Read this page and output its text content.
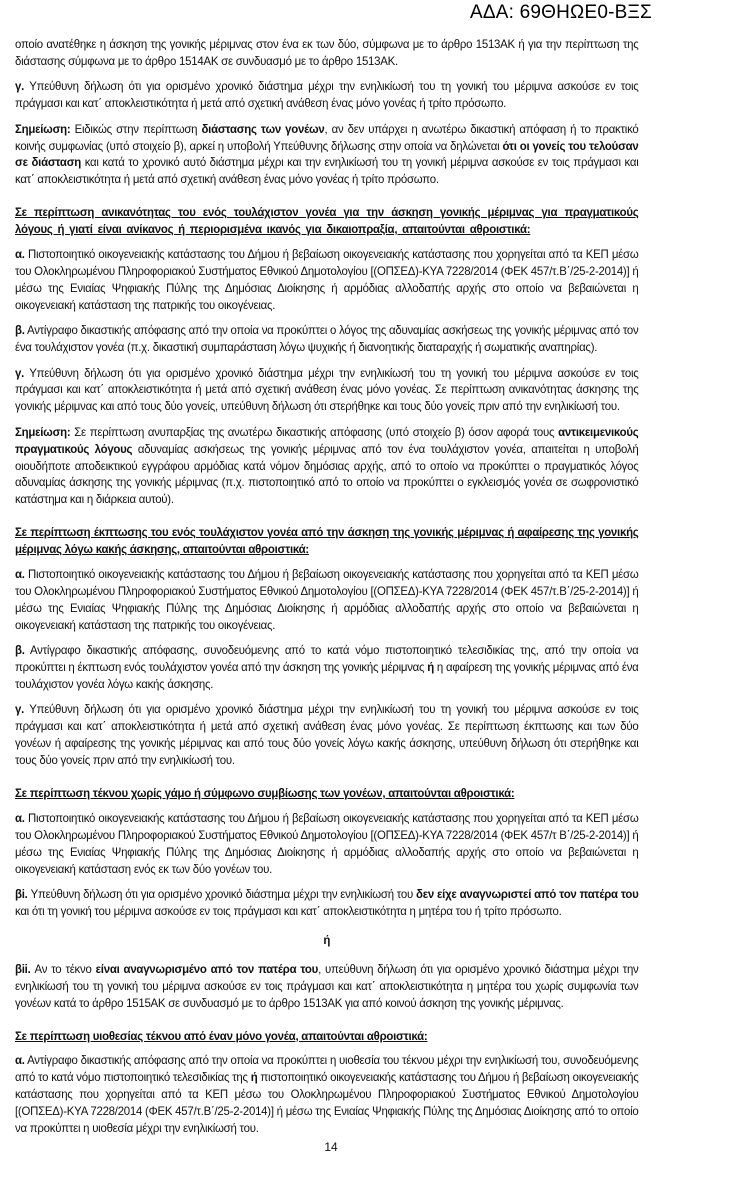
ΑΔΑ: 69ΘΗΩΕ0-ΒΞΣ

οποίο ανατέθηκε η άσκηση της γονικής μέριμνας στον ένα εκ των δύο, σύμφωνα με το άρθρο 1513ΑΚ ή για την περίπτωση της διάστασης σύμφωνα με το άρθρο 1514ΑΚ σε συνδυασμό με το άρθρο 1513ΑΚ.

γ. Υπεύθυνη δήλωση ότι για ορισμένο χρονικό διάστημα μέχρι την ενηλικίωσή του τη γονική του μέριμνα ασκούσε εν τοις πράγμασι και κατ΄ αποκλειστικότητα ή μετά από σχετική ανάθεση ένας μόνο γονέας ή τρίτο πρόσωπο.

Σημείωση: Ειδικώς στην περίπτωση διάστασης των γονέων, αν δεν υπάρχει η ανωτέρω δικαστική απόφαση ή το πρακτικό κοινής συμφωνίας (υπό στοιχείο β), αρκεί η υποβολή Υπεύθυνης δήλωσης στην οποία να δηλώνεται ότι οι γονείς του τελούσαν σε διάσταση και κατά το χρονικό αυτό διάστημα μέχρι και την ενηλικίωσή του τη γονική μέριμνα ασκούσε εν τοις πράγμασι και κατ΄ αποκλειστικότητα ή μετά από σχετική ανάθεση ένας μόνο γονέας ή τρίτο πρόσωπο.

Σε περίπτωση ανικανότητας του ενός τουλάχιστον γονέα για την άσκηση γονικής μέριμνας για πραγματικούς λόγους ή γιατί είναι ανίκανος ή περιορισμένα ικανός για δικαιοπραξία, απαιτούνται αθροιστικά:

α. Πιστοποιητικό οικογενειακής κατάστασης του Δήμου ή βεβαίωση οικογενειακής κατάστασης που χορηγείται από τα ΚΕΠ μέσω του Ολοκληρωμένου Πληροφοριακού Συστήματος Εθνικού Δημοτολογίου [(ΟΠΣΕΔ)-ΚΥΑ 7228/2014 (ΦΕΚ 457/τ.Β΄/25-2-2014)] ή μέσω της Ενιαίας Ψηφιακής Πύλης της Δημόσιας Διοίκησης ή αρμόδιας αλλοδαπής αρχής στο οποίο να βεβαιώνεται η οικογενειακή κατάσταση της πατρικής του οικογένειας.

β. Αντίγραφο δικαστικής απόφασης από την οποία να προκύπτει ο λόγος της αδυναμίας ασκήσεως της γονικής μέριμνας από τον ένα τουλάχιστον γονέα (π.χ. δικαστική συμπαράσταση λόγω ψυχικής ή διανοητικής διαταραχής ή σωματικής αναπηρίας).

γ. Υπεύθυνη δήλωση ότι για ορισμένο χρονικό διάστημα μέχρι την ενηλικίωσή του τη γονική του μέριμνα ασκούσε εν τοις πράγμασι και κατ΄ αποκλειστικότητα ή μετά από σχετική ανάθεση ένας μόνο γονέας. Σε περίπτωση ανικανότητας άσκησης της γονικής μέριμνας και από τους δύο γονείς, υπεύθυνη δήλωση ότι στερήθηκε και τους δύο γονείς πριν από την ενηλικίωσή του.

Σημείωση: Σε περίπτωση ανυπαρξίας της ανωτέρω δικαστικής απόφασης (υπό στοιχείο β) όσον αφορά τους αντικειμενικούς πραγματικούς λόγους αδυναμίας ασκήσεως της γονικής μέριμνας από τον ένα τουλάχιστον γονέα, απαιτείται η υποβολή οιουδήποτε αποδεικτικού εγγράφου αρμόδιας κατά νόμον δημόσιας αρχής, από το οποίο να προκύπτει ο πραγματικός λόγος αδυναμίας άσκησης της γονικής μέριμνας (π.χ. πιστοποιητικό από το οποίο να προκύπτει ο εγκλεισμός γονέα σε σωφρονιστικό κατάστημα και η διάρκεια αυτού).

Σε περίπτωση έκπτωσης του ενός τουλάχιστον γονέα από την άσκηση της γονικής μέριμνας ή αφαίρεσης της γονικής μέριμνας λόγω κακής άσκησης, απαιτούνται αθροιστικά:

α. Πιστοποιητικό οικογενειακής κατάστασης του Δήμου ή βεβαίωση οικογενειακής κατάστασης που χορηγείται από τα ΚΕΠ μέσω του Ολοκληρωμένου Πληροφοριακού Συστήματος Εθνικού Δημοτολογίου [(ΟΠΣΕΔ)-ΚΥΑ 7228/2014 (ΦΕΚ 457/τ.Β΄/25-2-2014)] ή μέσω της Ενιαίας Ψηφιακής Πύλης της Δημόσιας Διοίκησης ή αρμόδιας αλλοδαπής αρχής στο οποίο να βεβαιώνεται η οικογενειακή κατάσταση της πατρικής του οικογένειας.

β. Αντίγραφο δικαστικής απόφασης, συνοδευόμενης από το κατά νόμο πιστοποιητικό τελεσιδικίας της, από την οποία να προκύπτει η έκπτωση ενός τουλάχιστον γονέα από την άσκηση της γονικής μέριμνας ή η αφαίρεση της γονικής μέριμνας από ένα τουλάχιστον γονέα λόγω κακής άσκησης.

γ. Υπεύθυνη δήλωση ότι για ορισμένο χρονικό διάστημα μέχρι την ενηλικίωσή του τη γονική του μέριμνα ασκούσε εν τοις πράγμασι και κατ΄ αποκλειστικότητα ή μετά από σχετική ανάθεση ένας μόνο γονέας. Σε περίπτωση έκπτωσης και των δύο γονέων ή αφαίρεσης της γονικής μέριμνας και από τους δύο γονείς λόγω κακής άσκησης, υπεύθυνη δήλωση ότι στερήθηκε και τους δύο γονείς πριν από την ενηλικίωσή του.

Σε περίπτωση τέκνου χωρίς γάμο ή σύμφωνο συμβίωσης των γονέων, απαιτούνται αθροιστικά:

α. Πιστοποιητικό οικογενειακής κατάστασης του Δήμου ή βεβαίωση οικογενειακής κατάστασης που χορηγείται από τα ΚΕΠ μέσω του Ολοκληρωμένου Πληροφοριακού Συστήματος Εθνικού Δημοτολογίου [(ΟΠΣΕΔ)-ΚΥΑ 7228/2014 (ΦΕΚ 457/τ Β΄/25-2-2014)] ή μέσω της Ενιαίας Ψηφιακής Πύλης της Δημόσιας Διοίκησης ή αρμόδιας αλλοδαπής αρχής στο οποίο να βεβαιώνεται η οικογενειακή κατάσταση ενός εκ των δύο γονέων του.

βi. Υπεύθυνη δήλωση ότι για ορισμένο χρονικό διάστημα μέχρι την ενηλικίωσή του δεν είχε αναγνωριστεί από τον πατέρα του και ότι τη γονική του μέριμνα ασκούσε εν τοις πράγμασι και κατ΄ αποκλειστικότητα η μητέρα του ή τρίτο πρόσωπο.

ή

βii. Αν το τέκνο είναι αναγνωρισμένο από τον πατέρα του, υπεύθυνη δήλωση ότι για ορισμένο χρονικό διάστημα μέχρι την ενηλικίωσή του τη γονική του μέριμνα ασκούσε εν τοις πράγμασι και κατ΄ αποκλειστικότητα η μητέρα του χωρίς συμφωνία των γονέων κατά το άρθρο 1515ΑΚ σε συνδυασμό με το άρθρο 1513ΑΚ για από κοινού άσκηση της γονικής μέριμνας.

Σε περίπτωση υιοθεσίας τέκνου από έναν μόνο γονέα, απαιτούνται αθροιστικά:

α. Αντίγραφο δικαστικής απόφασης από την οποία να προκύπτει η υιοθεσία του τέκνου μέχρι την ενηλικίωσή του, συνοδευόμενης από το κατά νόμο πιστοποιητικό τελεσιδικίας της ή πιστοποιητικό οικογενειακής κατάστασης του Δήμου ή βεβαίωση οικογενειακής κατάστασης που χορηγείται από τα ΚΕΠ μέσω του Ολοκληρωμένου Πληροφοριακού Συστήματος Εθνικού Δημοτολογίου [(ΟΠΣΕΔ)-ΚΥΑ 7228/2014 (ΦΕΚ 457/τ.Β΄/25-2-2014)] ή μέσω της Ενιαίας Ψηφιακής Πύλης της Δημόσιας Διοίκησης από το οποίο να προκύπτει η υιοθεσία μέχρι την ενηλικίωσή του.

14
